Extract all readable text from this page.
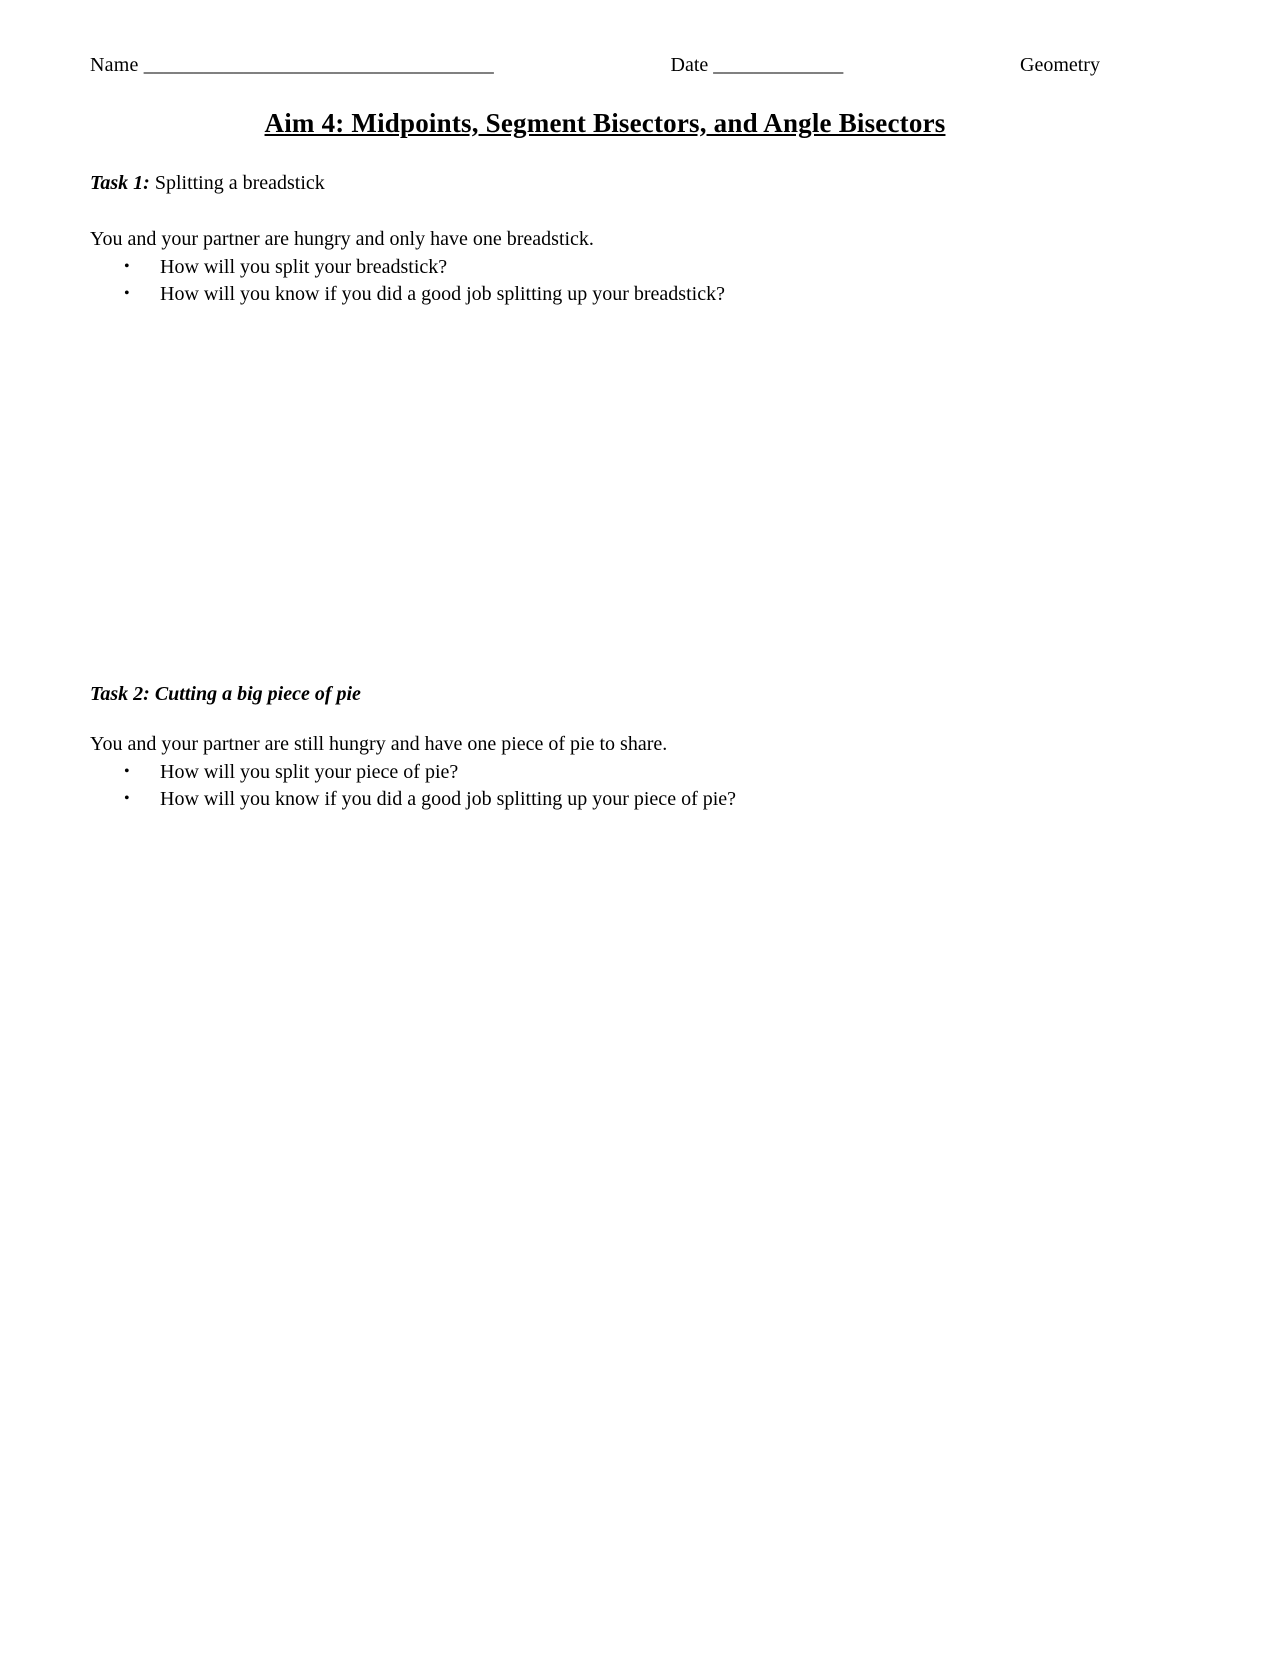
Name ___________________________________	Date _____________	Geometry
Aim 4: Midpoints, Segment Bisectors, and Angle Bisectors
Task 1: Splitting a breadstick
You and your partner are hungry and only have one breadstick.
•	How will you split your breadstick?
•	How will you know if you did a good job splitting up your breadstick?
Task 2: Cutting a big piece of pie
You and your partner are still hungry and have one piece of pie to share.
•	How will you split your piece of pie?
•	How will you know if you did a good job splitting up your piece of pie?
